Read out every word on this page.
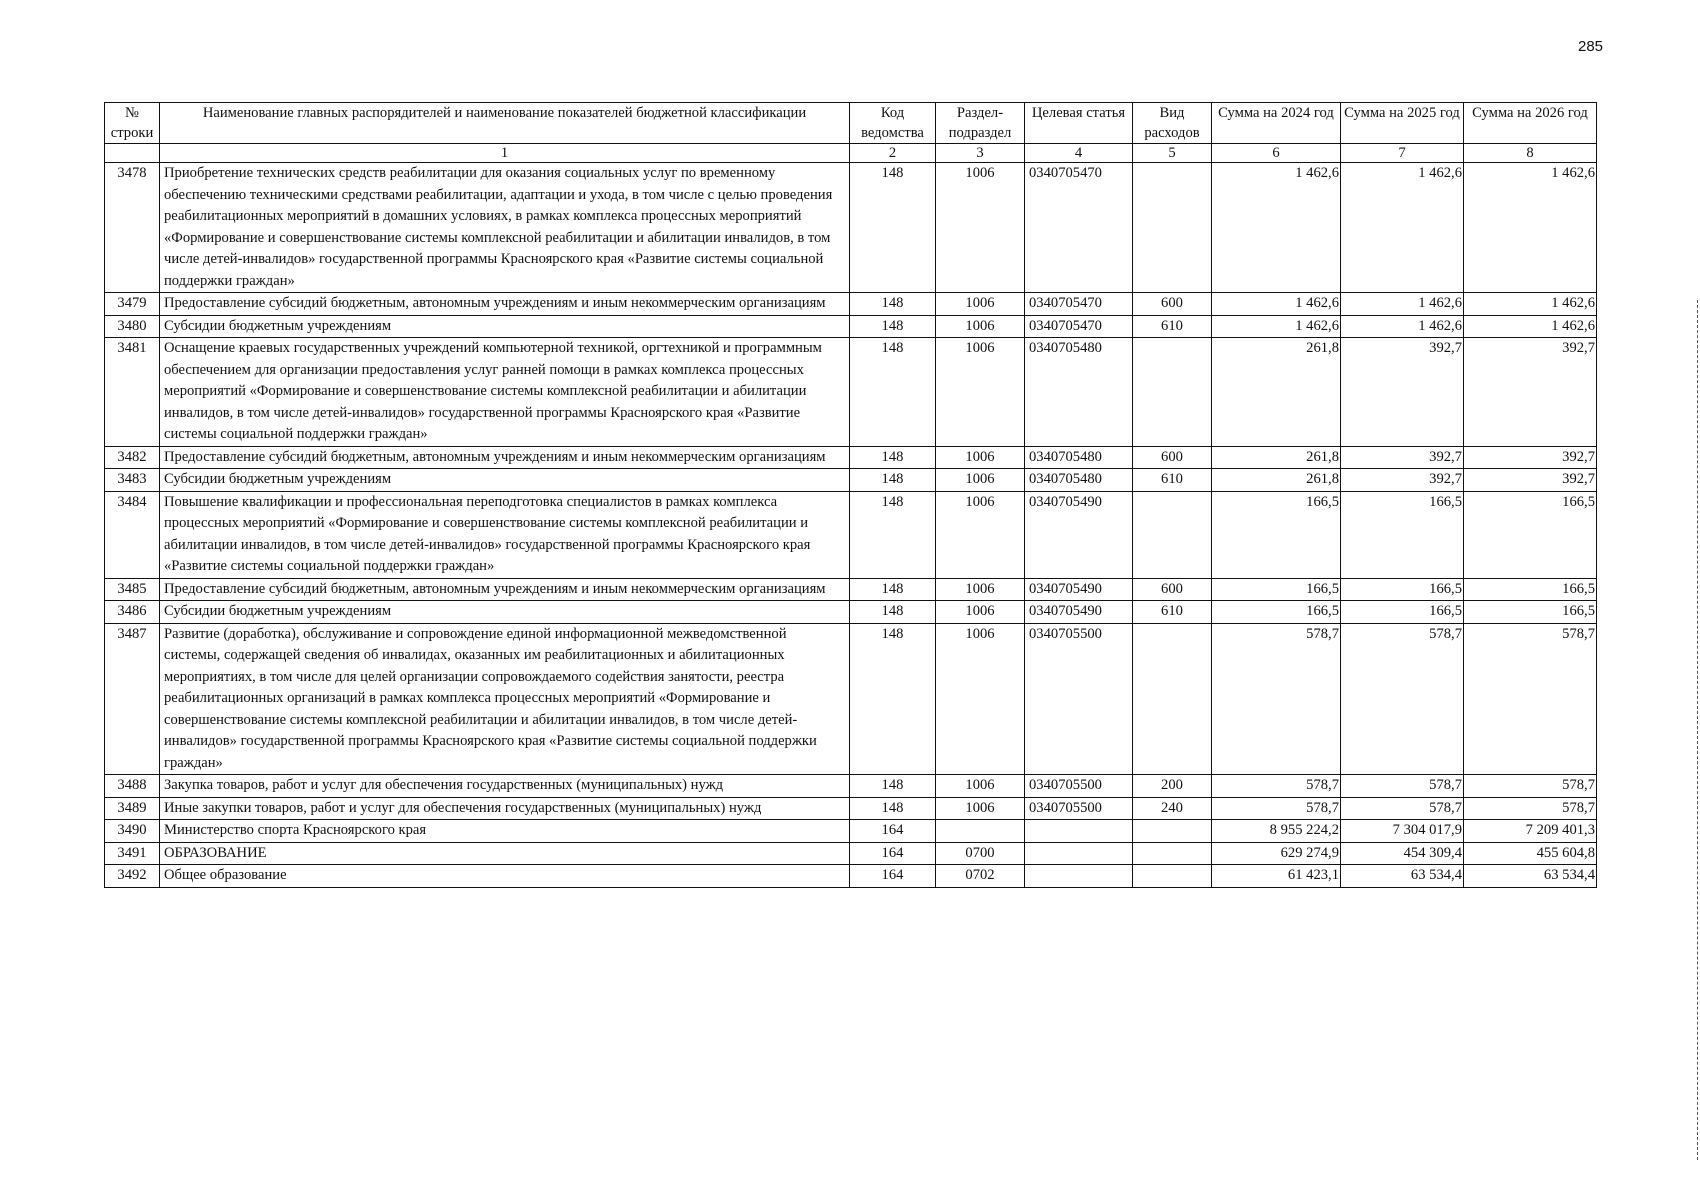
285
№ строки	Наименование главных распорядителей и наименование показателей бюджетной классификации	Код ведомства	Раздел-подраздел	Целевая статья	Вид расходов	Сумма на 2024 год	Сумма на 2025 год	Сумма на 2026 год
	1	2	3	4	5	6	7	8
3478	Приобретение технических средств реабилитации для оказания социальных услуг по временному обеспечению техническими средствами реабилитации, адаптации и ухода, в том числе с целью проведения реабилитационных мероприятий в домашних условиях, в рамках комплекса процессных мероприятий «Формирование и совершенствование системы комплексной реабилитации и абилитации инвалидов, в том числе детей-инвалидов» государственной программы Красноярского края «Развитие системы социальной поддержки граждан»	148	1006	0340705470		1 462,6	1 462,6	1 462,6
3479	Предоставление субсидий бюджетным, автономным учреждениям и иным некоммерческим организациям	148	1006	0340705470	600	1 462,6	1 462,6	1 462,6
3480	Субсидии бюджетным учреждениям	148	1006	0340705470	610	1 462,6	1 462,6	1 462,6
3481	Оснащение краевых государственных учреждений компьютерной техникой, оргтехникой и программным обеспечением для организации предоставления услуг ранней помощи в рамках комплекса процессных мероприятий «Формирование и совершенствование системы комплексной реабилитации и абилитации инвалидов, в том числе детей-инвалидов» государственной программы Красноярского края «Развитие системы социальной поддержки граждан»	148	1006	0340705480		261,8	392,7	392,7
3482	Предоставление субсидий бюджетным, автономным учреждениям и иным некоммерческим организациям	148	1006	0340705480	600	261,8	392,7	392,7
3483	Субсидии бюджетным учреждениям	148	1006	0340705480	610	261,8	392,7	392,7
3484	Повышение квалификации и профессиональная переподготовка специалистов в рамках комплекса процессных мероприятий «Формирование и совершенствование системы комплексной реабилитации и абилитации инвалидов, в том числе детей-инвалидов» государственной программы Красноярского края «Развитие системы социальной поддержки граждан»	148	1006	0340705490		166,5	166,5	166,5
3485	Предоставление субсидий бюджетным, автономным учреждениям и иным некоммерческим организациям	148	1006	0340705490	600	166,5	166,5	166,5
3486	Субсидии бюджетным учреждениям	148	1006	0340705490	610	166,5	166,5	166,5
3487	Развитие (доработка), обслуживание и сопровождение единой информационной межведомственной системы, содержащей сведения об инвалидах, оказанных им реабилитационных и абилитационных мероприятиях, в том числе для целей организации сопровождаемого содействия занятости, реестра реабилитационных организаций в рамках комплекса процессных мероприятий «Формирование и совершенствование системы комплексной реабилитации и абилитации инвалидов, в том числе детей-инвалидов» государственной программы Красноярского края «Развитие системы социальной поддержки граждан»	148	1006	0340705500		578,7	578,7	578,7
3488	Закупка товаров, работ и услуг для обеспечения государственных (муниципальных) нужд	148	1006	0340705500	200	578,7	578,7	578,7
3489	Иные закупки товаров, работ и услуг для обеспечения государственных (муниципальных) нужд	148	1006	0340705500	240	578,7	578,7	578,7
3490	Министерство спорта Красноярского края	164				8 955 224,2	7 304 017,9	7 209 401,3
3491	ОБРАЗОВАНИЕ	164	0700			629 274,9	454 309,4	455 604,8
3492	Общее образование	164	0702			61 423,1	63 534,4	63 534,4
